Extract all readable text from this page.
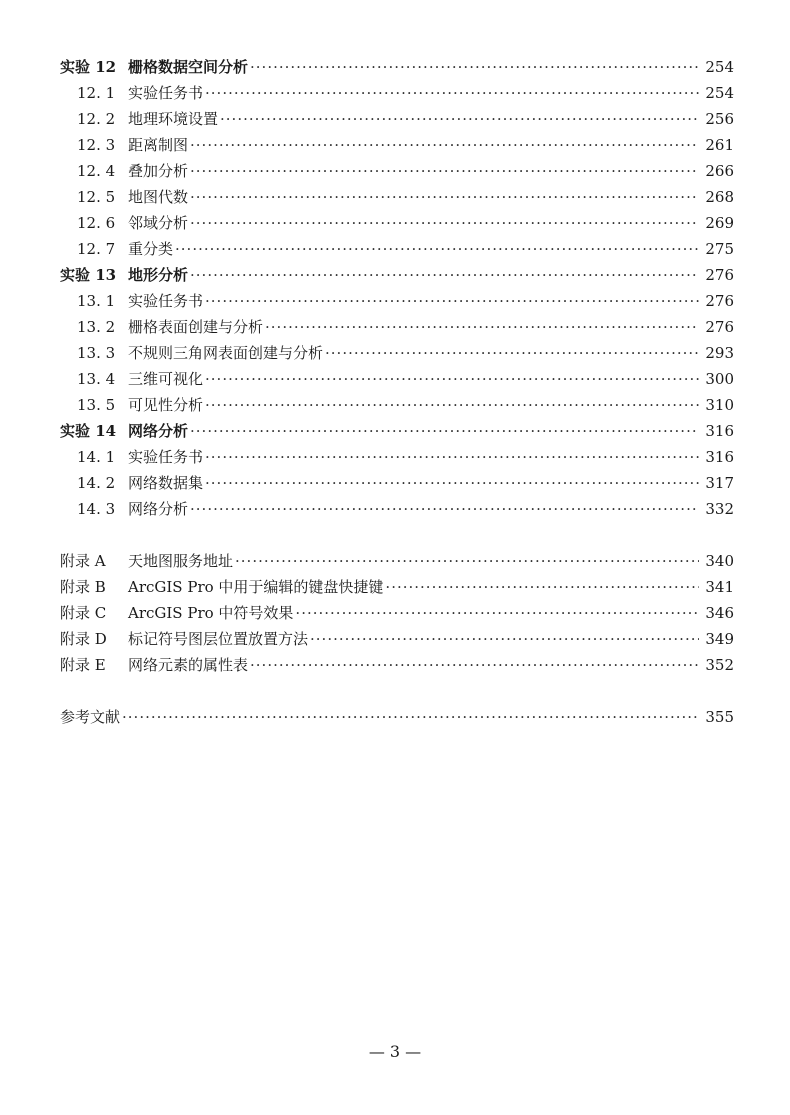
实验 12 栅格数据空间分析 ·····	254
12. 1 实验任务书 ·····	254
12. 2 地理环境设置 ·····	256
12. 3 距离制图 ·····	261
12. 4 叠加分析 ·····	266
12. 5 地图代数 ·····	268
12. 6 邻域分析 ·····	269
12. 7 重分类 ·····	275
实验 13 地形分析 ·····	276
13. 1 实验任务书 ·····	276
13. 2 栅格表面创建与分析 ·····	276
13. 3 不规则三角网表面创建与分析 ·····	293
13. 4 三维可视化 ·····	300
13. 5 可见性分析 ·····	310
实验 14 网络分析 ·····	316
14. 1 实验任务书 ·····	316
14. 2 网络数据集 ·····	317
14. 3 网络分析 ·····	332
附录 A	天地图服务地址 ·····	340
附录 B	ArcGIS Pro 中用于编辑的键盘快捷键 ·····	341
附录 C	ArcGIS Pro 中符号效果 ·····	346
附录 D	标记符号图层位置放置方法 ·····	349
附录 E	网络元素的属性表 ·····	352
参考文献 ·····	355
— 3 —
